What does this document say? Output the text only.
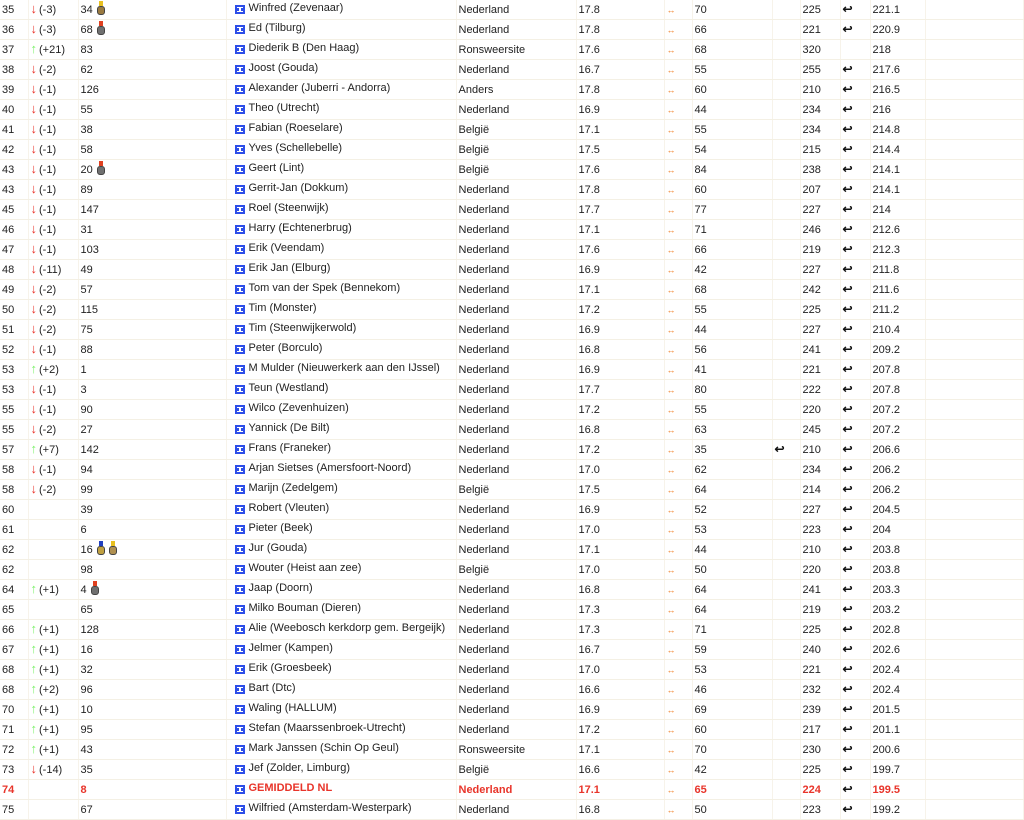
35	↓ (-3)	34	Winfred (Zevenaar)	Nederland	17.8	↔	70		225	↩	221.1	
36	↓ (-3)	68	Ed (Tilburg)	Nederland	17.8	↔	66		221	↩	220.9	
37	↑ (+21)	83	Diederik B (Den Haag)	Ronsweersite	17.6	↔	68		320		218	
38	↓ (-2)	62	Joost (Gouda)	Nederland	16.7	↔	55		255	↩	217.6	
39	↓ (-1)	126	Alexander (Juberri - Andorra)	Anders	17.8	↔	60		210	↩	216.5	
40	↓ (-1)	55	Theo (Utrecht)	Nederland	16.9	↔	44		234	↩	216	
41	↓ (-1)	38	Fabian (Roeselare)	België	17.1	↔	55		234	↩	214.8	
42	↓ (-1)	58	Yves (Schellebelle)	België	17.5	↔	54		215	↩	214.4	
43	↓ (-1)	20	Geert (Lint)	België	17.6	↔	84		238	↩	214.1	
43	↓ (-1)	89	Gerrit-Jan (Dokkum)	Nederland	17.8	↔	60		207	↩	214.1	
45	↓ (-1)	147	Roel (Steenwijk)	Nederland	17.7	↔	77		227	↩	214	
46	↓ (-1)	31	Harry (Echtenerbrug)	Nederland	17.1	↔	71		246	↩	212.6	
47	↓ (-1)	103	Erik (Veendam)	Nederland	17.6	↔	66		219	↩	212.3	
48	↓ (-11)	49	Erik Jan (Elburg)	Nederland	16.9	↔	42		227	↩	211.8	
49	↓ (-2)	57	Tom van der Spek (Bennekom)	Nederland	17.1	↔	68		242	↩	211.6	
50	↓ (-2)	115	Tim (Monster)	Nederland	17.2	↔	55		225	↩	211.2	
51	↓ (-2)	75	Tim (Steenwijkerwold)	Nederland	16.9	↔	44		227	↩	210.4	
52	↓ (-1)	88	Peter (Borculo)	Nederland	16.8	↔	56		241	↩	209.2	
53	↑ (+2)	1	M Mulder (Nieuwerkerk aan den IJssel)	Nederland	16.9	↔	41		221	↩	207.8	
53	↓ (-1)	3	Teun (Westland)	Nederland	17.7	↔	80		222	↩	207.8	
55	↓ (-1)	90	Wilco (Zevenhuizen)	Nederland	17.2	↔	55		220	↩	207.2	
55	↓ (-2)	27	Yannick (De Bilt)	Nederland	16.8	↔	63		245	↩	207.2	
57	↑ (+7)	142	Frans (Franeker)	Nederland	17.2	↔	35	↩	210	↩	206.6	
58	↓ (-1)	94	Arjan Sietses (Amersfoort-Noord)	Nederland	17.0	↔	62		234	↩	206.2	
58	↓ (-2)	99	Marijn (Zedelgem)	België	17.5	↔	64		214	↩	206.2	
60		39	Robert (Vleuten)	Nederland	16.9	↔	52		227	↩	204.5	
61		6	Pieter (Beek)	Nederland	17.0	↔	53		223	↩	204	
62		16	Jur (Gouda)	Nederland	17.1	↔	44		210	↩	203.8	
62		98	Wouter (Heist aan zee)	België	17.0	↔	50		220	↩	203.8	
64	↑ (+1)	4	Jaap (Doorn)	Nederland	16.8	↔	64		241	↩	203.3	
65		65	Milko Bouman (Dieren)	Nederland	17.3	↔	64		219	↩	203.2	
66	↑ (+1)	128	Alie (Weebosch kerkdorp gem. Bergeijk)	Nederland	17.3	↔	71		225	↩	202.8	
67	↑ (+1)	16	Jelmer (Kampen)	Nederland	16.7	↔	59		240	↩	202.6	
68	↑ (+1)	32	Erik (Groesbeek)	Nederland	17.0	↔	53		221	↩	202.4	
68	↑ (+2)	96	Bart (Dtc)	Nederland	16.6	↔	46		232	↩	202.4	
70	↑ (+1)	10	Waling (HALLUM)	Nederland	16.9	↔	69		239	↩	201.5	
71	↑ (+1)	95	Stefan (Maarssenbroek-Utrecht)	Nederland	17.2	↔	60		217	↩	201.1	
72	↑ (+1)	43	Mark Janssen (Schin Op Geul)	Ronsweersite	17.1	↔	70		230	↩	200.6	
73	↓ (-14)	35	Jef (Zolder, Limburg)	België	16.6	↔	42		225	↩	199.7	
74		8	GEMIDDELD NL	Nederland	17.1	↔	65		224	↩	199.5	
75		67	Wilfried (Amsterdam-Westerpark)	Nederland	16.8	↔	50		223	↩	199.2	
